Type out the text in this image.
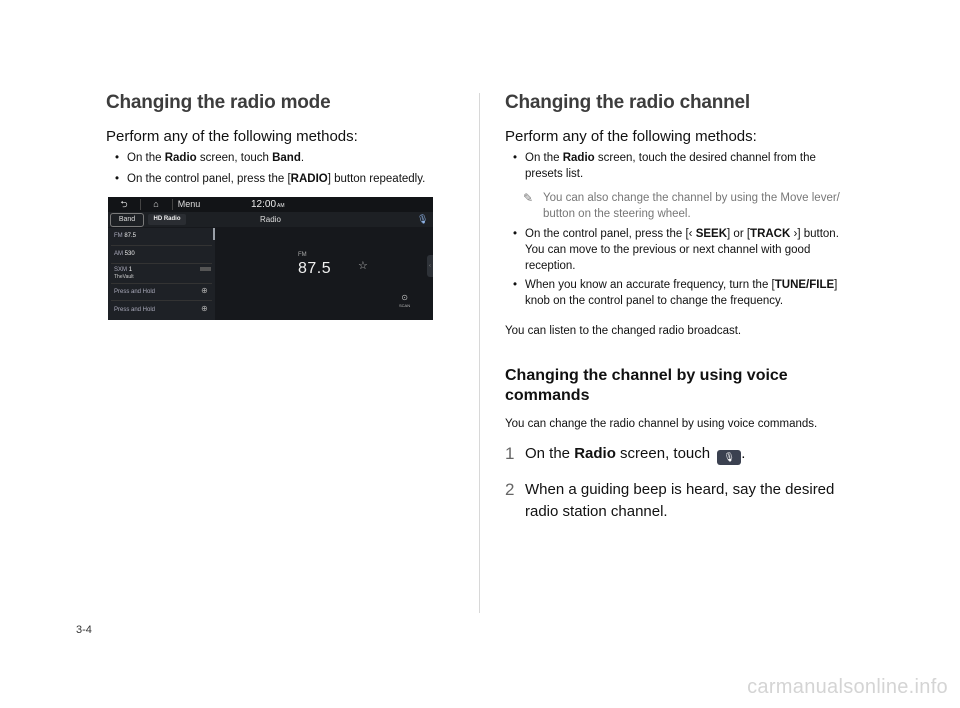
Changing the radio mode
Perform any of the following methods:
• On the Radio screen, touch Band.
• On the control panel, press the [RADIO] button repeatedly.
⮌	⌂	Menu	12:00AM
Band	HD Radio	Radio	🎙
FM 87.5
AM 530
SXM 1
TheVault
Press and Hold	⊕
Press and Hold	⊕
FM
87.5 ☆	‹
⊙
SCAN
Changing the radio channel
Perform any of the following methods:
• On the Radio screen, touch the desired channel from the
presets list.
✎ You can also change the channel by using the Move lever/
button on the steering wheel.
• On the control panel, press the [‹ SEEK] or [TRACK ›] button.
You can move to the previous or next channel with good
reception.
• When you know an accurate frequency, turn the [TUNE/FILE]
knob on the control panel to change the frequency.
You can listen to the changed radio broadcast.
Changing the channel by using voice
commands
You can change the radio channel by using voice commands.
1 On the Radio screen, touch 🎙 .
2 When a guiding beep is heard, say the desired
radio station channel.
3-4
carmanualsonline.info
